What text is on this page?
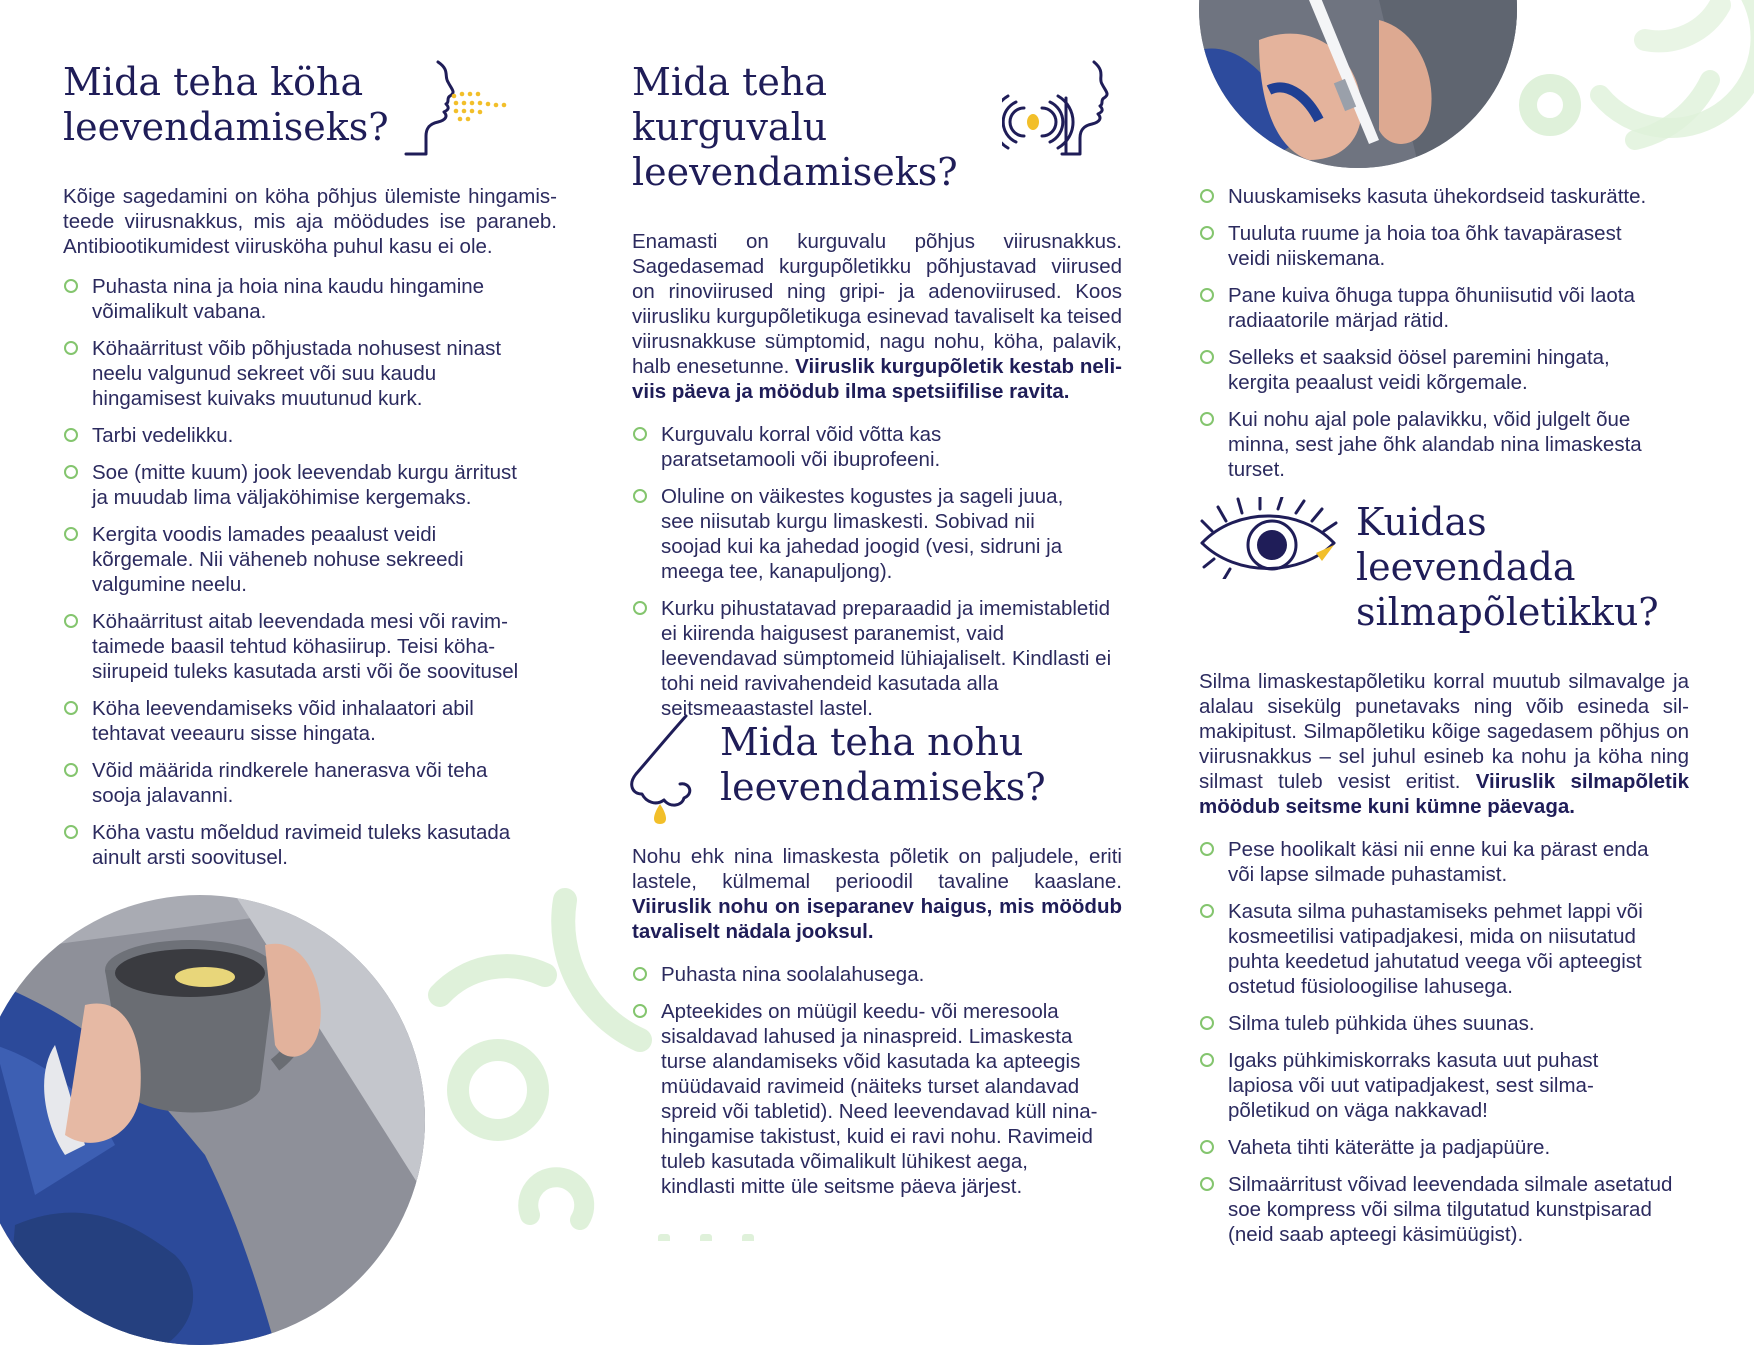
Mida teha köha leevendamiseks?

Kõige sagedamini on köha põhjus ülemiste hingamisteede viirusnakkus, mis aja möödudes ise paraneb. Antibiootikumidest viirusköha puhul kasu ei ole.

Puhasta nina ja hoia nina kaudu hingamine võimalikult vabana.
Köhaärritust võib põhjustada nohusest ninast neelu valgunud sekreet või suu kaudu hingamisest kuivaks muutunud kurk.
Tarbi vedelikku.
Soe (mitte kuum) jook leevendab kurgu ärritust ja muudab lima väljaköhimise kergemaks.
Kergita voodis lamades peaalust veidi kõrgemale. Nii väheneb nohuse sekreedi valgumine neelu.
Köhaärritust aitab leevendada mesi või ravimtaimede baasil tehtud köhasiirup. Teisi köhasiirupeid tuleks kasutada arsti või õe soovitusel
Köha leevendamiseks võid inhalaatori abil tehtavat veeauru sisse hingata.
Võid määrida rindkerele hanerasva või teha sooja jalavanni.
Köha vastu mõeldud ravimeid tuleks kasutada ainult arsti soovitusel.
Mida teha kurguvalu leevendamiseks?

Enamasti on kurguvalu põhjus viirusnakkus. Sagedasemad kurgupõletikku põhjustavad viirused on rinoviirused ning gripi- ja adenoviirused. Koos viirusliku kurgupõletikuga esinevad tavaliselt ka teised viirusnakkuse sümptomid, nagu nohu, köha, palavik, halb enesetunne. Viiruslik kurgupõletik kestab neli-viis päeva ja möödub ilma spetsiifilise ravita.

Kurguvalu korral võid võtta kas paratsetamooli või ibuprofeeni.
Oluline on väikestes kogustes ja sageli juua, see niisutab kurgu limaskesti. Sobivad nii soojad kui ka jahedad joogid (vesi, sidruni ja meega tee, kanapuljong).
Kurku pihustatavad preparaadid ja imemistabletid ei kiirenda haigusest paranemist, vaid leevendavad sümptomeid lühiajaliselt. Kindlasti ei tohi neid ravivahendeid kasutada alla seitsmeaastastel lastel.
Mida teha nohu leevendamiseks?

Nohu ehk nina limaskesta põletik on paljudele, eriti lastele, külmemal perioodil tavaline kaaslane. Viiruslik nohu on iseparanev haigus, mis möödub tavaliselt nädala jooksul.

Puhasta nina soolalahusega.
Apteekides on müügil keedu- või meresoola sisaldavad lahused ja ninaspreid. Limaskesta turse alandamiseks võid kasutada ka apteegis müüdavaid ravimeid (näiteks turset alandavad spreid või tabletid). Need leevendavad küll ninahingamise takistust, kuid ei ravi nohu. Ravimeid tuleb kasutada võimalikult lühikest aega, kindlasti mitte üle seitsme päeva järjest.
Nuuskamiseks kasuta ühekordseid taskurätte.
Tuuluta ruume ja hoia toa õhk tavapärasest veidi niiskemana.
Pane kuiva õhuga tuppa õhuniisutid või laota radiaatorile märjad rätid.
Selleks et saaksid öösel paremini hingata, kergita peaalust veidi kõrgemale.
Kui nohu ajal pole palavikku, võid julgelt õue minna, sest jahe õhk alandab nina limaskesta turset.
Kuidas leevendada silmapõletikku?

Silma limaskestapõletiku korral muutub silmavalge ja alalau sisekülg punetavaks ning võib esineda silmakipitust. Silmapõletiku kõige sagedasem põhjus on viirusnakkus – sel juhul esineb ka nohu ja köha ning silmast tuleb vesist eritist. Viiruslik silmapõletik möödub seitsme kuni kümne päevaga.

Pese hoolikalt käsi nii enne kui ka pärast enda või lapse silmade puhastamist.
Kasuta silma puhastamiseks pehmet lappi või kosmeetilisi vatipadjakesi, mida on niisutatud puhta keedetud jahutatud veega või apteegist ostetud füsioloogilise lahusega.
Silma tuleb pühkida ühes suunas.
Igaks pühkimiskorraks kasuta uut puhast lapiosa või uut vatipadjakest, sest silmapõletikud on väga nakkavad!
Vaheta tihti käterätte ja padjapüüre.
Silmaärritust võivad leevendada silmale asetatud soe kompress või silma tilgutatud kunstpisarad (neid saab apteegi käsimüügist).
